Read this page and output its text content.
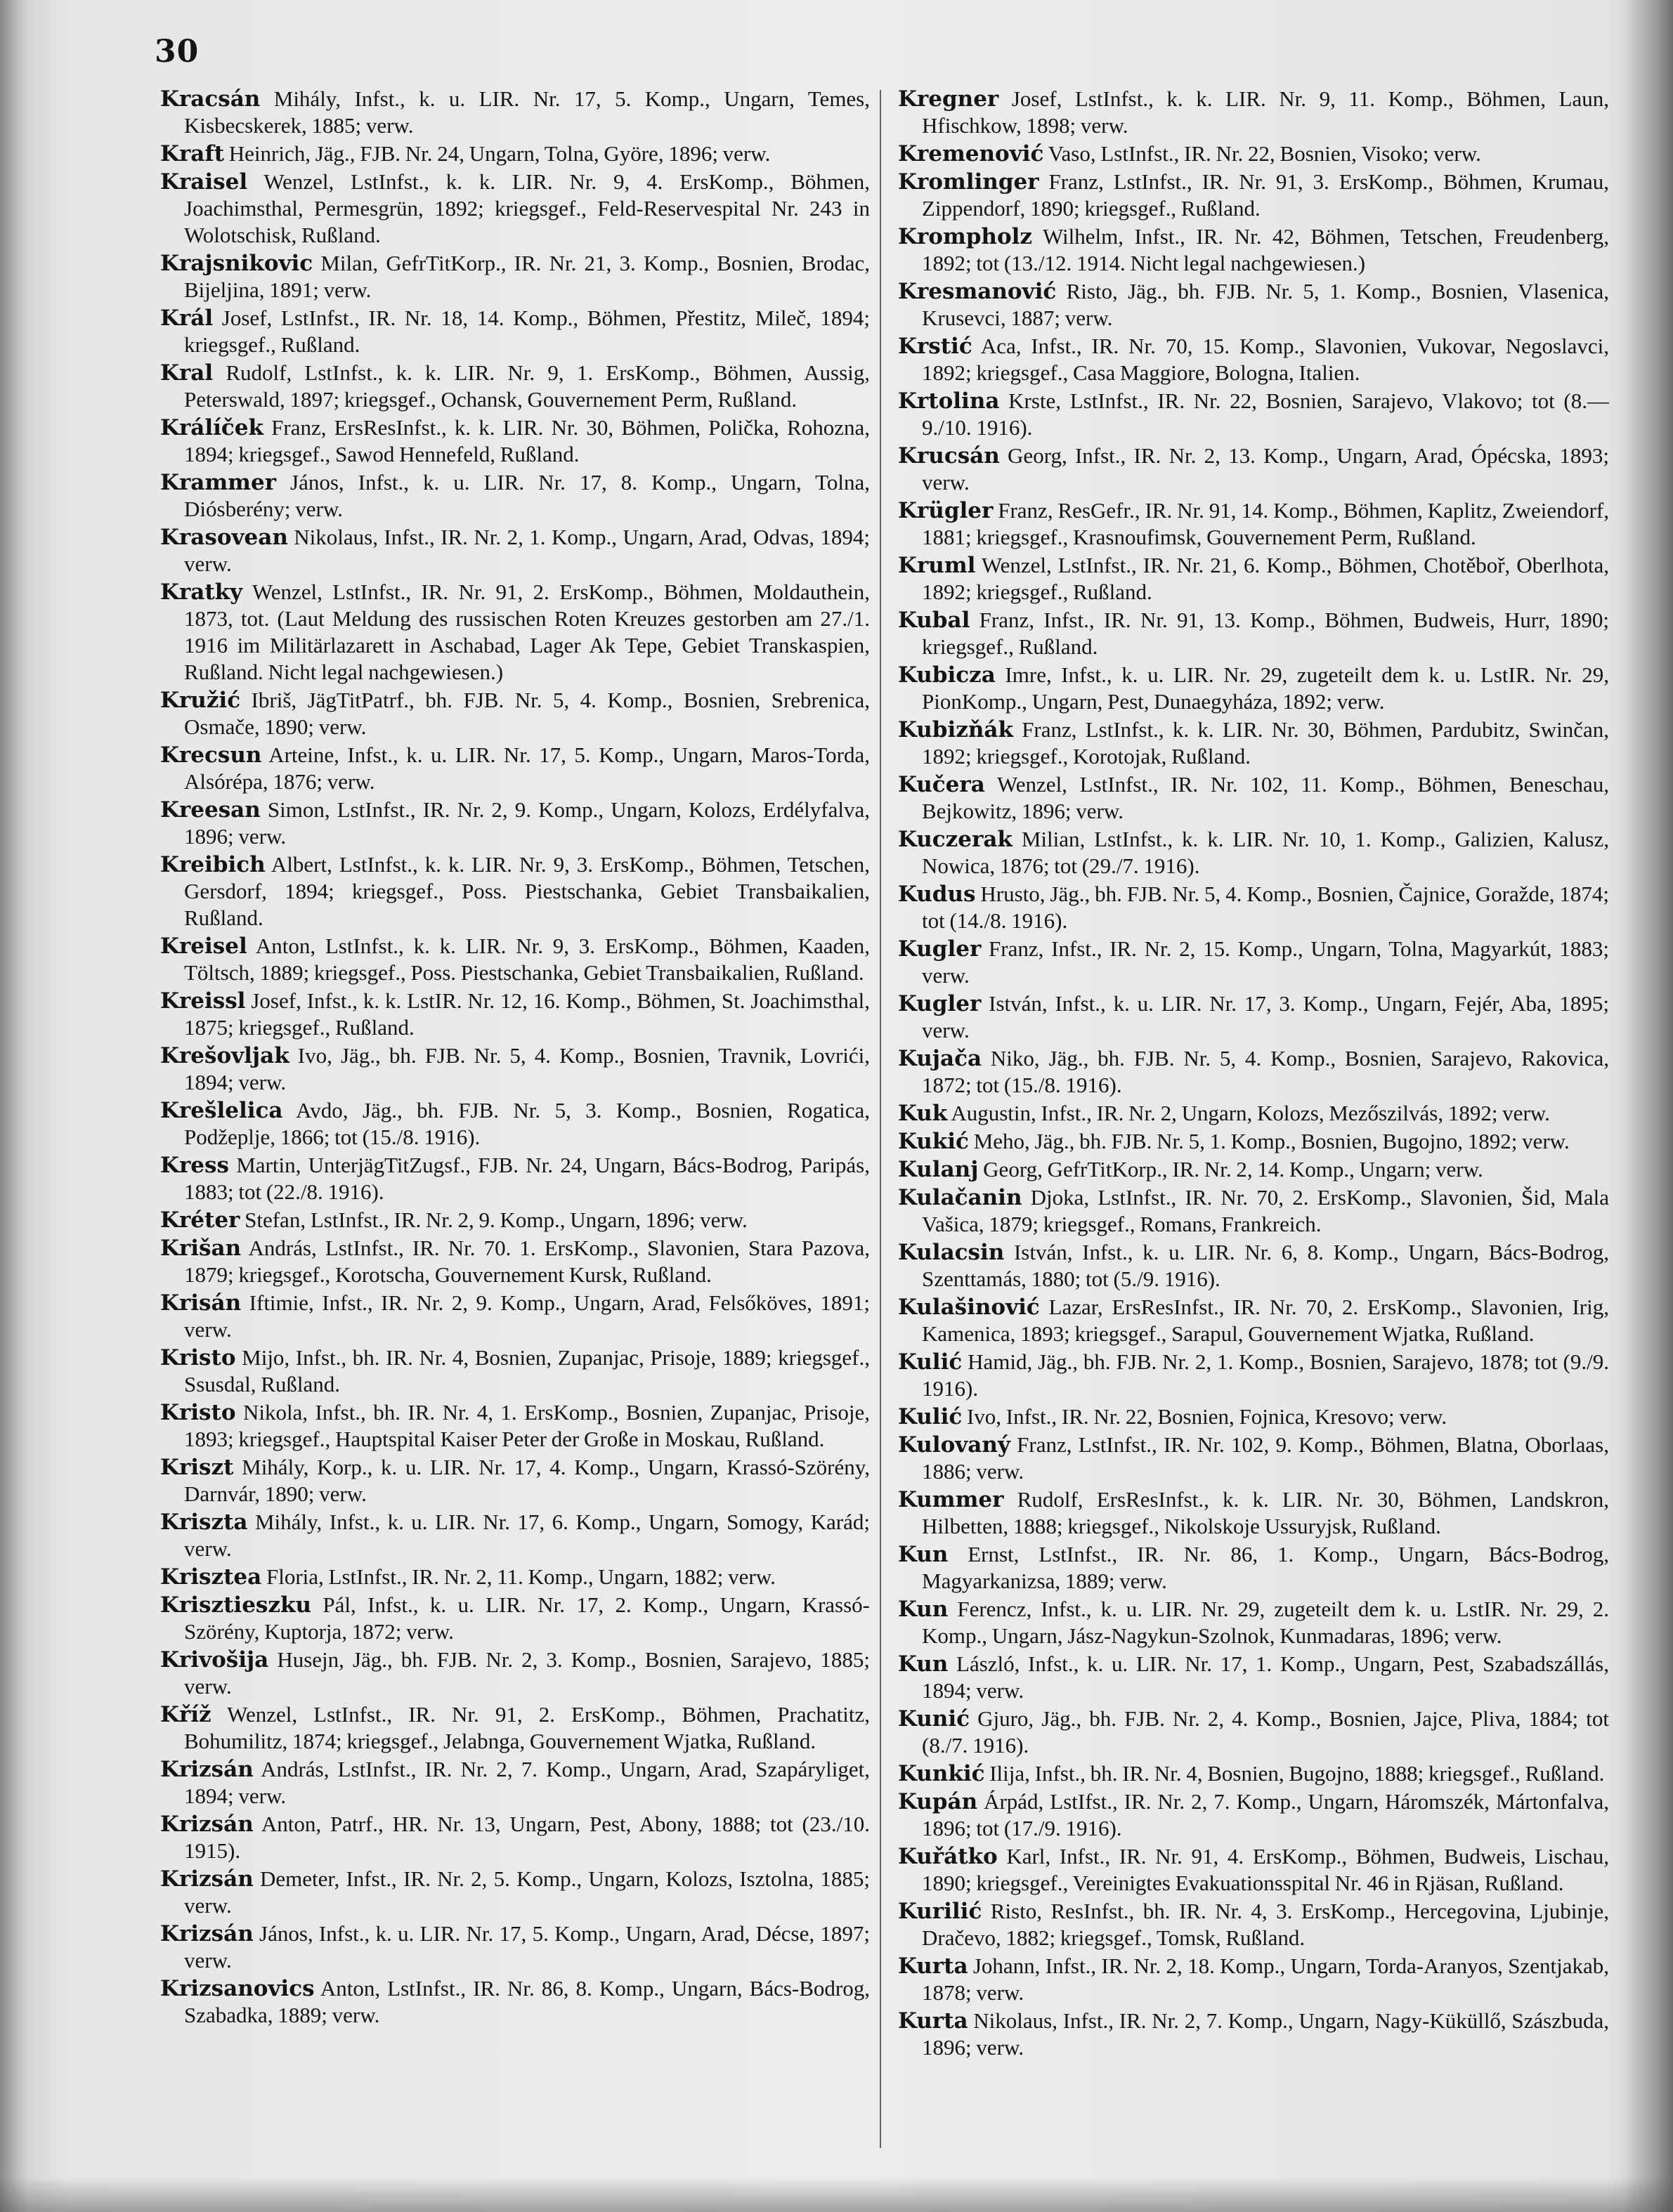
30

Kracsán Mihály, Infst., k. u. LIR. Nr. 17, 5. Komp., Ungarn, Temes, Kisbecskerek, 1885; verw.

Kraft Heinrich, Jäg., FJB. Nr. 24, Ungarn, Tolna, Györe, 1896; verw.

Kraisel Wenzel, LstInfst., k. k. LIR. Nr. 9, 4. ErsKomp., Böhmen, Joachimsthal, Permesgrün, 1892; kriegsgef., Feld-Reservespital Nr. 243 in Wolotschisk, Rußland.

Krajsnikovic Milan, GefrTitKorp., IR. Nr. 21, 3. Komp., Bosnien, Brodac, Bijeljina, 1891; verw.

Král Josef, LstInfst., IR. Nr. 18, 14. Komp., Böhmen, Přestitz, Mileč, 1894; kriegsgef., Rußland.

Kral Rudolf, LstInfst., k. k. LIR. Nr. 9, 1. ErsKomp., Böhmen, Aussig, Peterswald, 1897; kriegsgef., Ochansk, Gouvernement Perm, Rußland.

Králíček Franz, ErsResInfst., k. k. LIR. Nr. 30, Böhmen, Polička, Rohozna, 1894; kriegsgef., Sawod Hennefeld, Rußland.

Krammer János, Infst., k. u. LIR. Nr. 17, 8. Komp., Ungarn, Tolna, Diósberény; verw.

Krasovean Nikolaus, Infst., IR. Nr. 2, 1. Komp., Ungarn, Arad, Odvas, 1894; verw.

Kratky Wenzel, LstInfst., IR. Nr. 91, 2. ErsKomp., Böhmen, Moldauthein, 1873, tot. (Laut Meldung des russischen Roten Kreuzes gestorben am 27./1. 1916 im Militärlazarett in Aschabad, Lager Ak Tepe, Gebiet Transkaspien, Rußland. Nicht legal nachgewiesen.)

Kružić Ibriš, JägTitPatrf., bh. FJB. Nr. 5, 4. Komp., Bosnien, Srebrenica, Osmače, 1890; verw.

Krecsun Arteine, Infst., k. u. LIR. Nr. 17, 5. Komp., Ungarn, Maros-Torda, Alsórépa, 1876; verw.

Kreesan Simon, LstInfst., IR. Nr. 2, 9. Komp., Ungarn, Kolozs, Erdélyfalva, 1896; verw.

Kreibich Albert, LstInfst., k. k. LIR. Nr. 9, 3. ErsKomp., Böhmen, Tetschen, Gersdorf, 1894; kriegsgef., Poss. Piestschanka, Gebiet Transbaikalien, Rußland.

Kreisel Anton, LstInfst., k. k. LIR. Nr. 9, 3. ErsKomp., Böhmen, Kaaden, Töltsch, 1889; kriegsgef., Poss. Piestschanka, Gebiet Transbaikalien, Rußland.

Kreissl Josef, Infst., k. k. LstIR. Nr. 12, 16. Komp., Böhmen, St. Joachimsthal, 1875; kriegsgef., Rußland.

Krešovljak Ivo, Jäg., bh. FJB. Nr. 5, 4. Komp., Bosnien, Travnik, Lovrići, 1894; verw.

Krešlelica Avdo, Jäg., bh. FJB. Nr. 5, 3. Komp., Bosnien, Rogatica, Podžeplje, 1866; tot (15./8. 1916).

Kress Martin, UnterjägTitZugsf., FJB. Nr. 24, Ungarn, Bács-Bodrog, Paripás, 1883; tot (22./8. 1916).

Kréter Stefan, LstInfst., IR. Nr. 2, 9. Komp., Ungarn, 1896; verw.

Krišan András, LstInfst., IR. Nr. 70. 1. ErsKomp., Slavonien, Stara Pazova, 1879; kriegsgef., Korotscha, Gouvernement Kursk, Rußland.

Krisán Iftimie, Infst., IR. Nr. 2, 9. Komp., Ungarn, Arad, Felsőköves, 1891; verw.

Kristo Mijo, Infst., bh. IR. Nr. 4, Bosnien, Zupanjac, Prisoje, 1889; kriegsgef., Ssusdal, Rußland.

Kristo Nikola, Infst., bh. IR. Nr. 4, 1. ErsKomp., Bosnien, Zupanjac, Prisoje, 1893; kriegsgef., Hauptspital Kaiser Peter der Große in Moskau, Rußland.

Kriszt Mihály, Korp., k. u. LIR. Nr. 17, 4. Komp., Ungarn, Krassó-Szörény, Darnvár, 1890; verw.

Kriszta Mihály, Infst., k. u. LIR. Nr. 17, 6. Komp., Ungarn, Somogy, Karád; verw.

Krisztea Floria, LstInfst., IR. Nr. 2, 11. Komp., Ungarn, 1882; verw.

Krisztieszku Pál, Infst., k. u. LIR. Nr. 17, 2. Komp., Ungarn, Krassó-Szörény, Kuptorja, 1872; verw.

Krivošija Husejn, Jäg., bh. FJB. Nr. 2, 3. Komp., Bosnien, Sarajevo, 1885; verw.

Kříž Wenzel, LstInfst., IR. Nr. 91, 2. ErsKomp., Böhmen, Prachatitz, Bohumilitz, 1874; kriegsgef., Jelabnga, Gouvernement Wjatka, Rußland.

Krizsán András, LstInfst., IR. Nr. 2, 7. Komp., Ungarn, Arad, Szapáryliget, 1894; verw.

Krizsán Anton, Patrf., HR. Nr. 13, Ungarn, Pest, Abony, 1888; tot (23./10. 1915).

Krizsán Demeter, Infst., IR. Nr. 2, 5. Komp., Ungarn, Kolozs, Isztolna, 1885; verw.

Krizsán János, Infst., k. u. LIR. Nr. 17, 5. Komp., Ungarn, Arad, Décse, 1897; verw.

Krizsanovics Anton, LstInfst., IR. Nr. 86, 8. Komp., Ungarn, Bács-Bodrog, Szabadka, 1889; verw.

Kregner Josef, LstInfst., k. k. LIR. Nr. 9, 11. Komp., Böhmen, Laun, Hfischkow, 1898; verw.

Kremenović Vaso, LstInfst., IR. Nr. 22, Bosnien, Visoko; verw.

Kromlinger Franz, LstInfst., IR. Nr. 91, 3. ErsKomp., Böhmen, Krumau, Zippendorf, 1890; kriegsgef., Rußland.

Krompholz Wilhelm, Infst., IR. Nr. 42, Böhmen, Tetschen, Freudenberg, 1892; tot (13./12. 1914. Nicht legal nachgewiesen.)

Kresmanović Risto, Jäg., bh. FJB. Nr. 5, 1. Komp., Bosnien, Vlasenica, Krusevci, 1887; verw.

Krstić Aca, Infst., IR. Nr. 70, 15. Komp., Slavonien, Vukovar, Negoslavci, 1892; kriegsgef., Casa Maggiore, Bologna, Italien.

Krtolina Krste, LstInfst., IR. Nr. 22, Bosnien, Sarajevo, Vlakovo; tot (8.—9./10. 1916).

Krucsán Georg, Infst., IR. Nr. 2, 13. Komp., Ungarn, Arad, Ópécska, 1893; verw.

Krügler Franz, ResGefr., IR. Nr. 91, 14. Komp., Böhmen, Kaplitz, Zweiendorf, 1881; kriegsgef., Krasnoufimsk, Gouvernement Perm, Rußland.

Kruml Wenzel, LstInfst., IR. Nr. 21, 6. Komp., Böhmen, Chotěboř, Oberlhota, 1892; kriegsgef., Rußland.

Kubal Franz, Infst., IR. Nr. 91, 13. Komp., Böhmen, Budweis, Hurr, 1890; kriegsgef., Rußland.

Kubicza Imre, Infst., k. u. LIR. Nr. 29, zugeteilt dem k. u. LstIR. Nr. 29, PionKomp., Ungarn, Pest, Dunaegyháza, 1892; verw.

Kubizňák Franz, LstInfst., k. k. LIR. Nr. 30, Böhmen, Pardubitz, Swinčan, 1892; kriegsgef., Korotojak, Rußland.

Kučera Wenzel, LstInfst., IR. Nr. 102, 11. Komp., Böhmen, Beneschau, Bejkowitz, 1896; verw.

Kuczerak Milian, LstInfst., k. k. LIR. Nr. 10, 1. Komp., Galizien, Kalusz, Nowica, 1876; tot (29./7. 1916).

Kudus Hrusto, Jäg., bh. FJB. Nr. 5, 4. Komp., Bosnien, Čajnice, Goražde, 1874; tot (14./8. 1916).

Kugler Franz, Infst., IR. Nr. 2, 15. Komp., Ungarn, Tolna, Magyarkút, 1883; verw.

Kugler István, Infst., k. u. LIR. Nr. 17, 3. Komp., Ungarn, Fejér, Aba, 1895; verw.

Kujača Niko, Jäg., bh. FJB. Nr. 5, 4. Komp., Bosnien, Sarajevo, Rakovica, 1872; tot (15./8. 1916).

Kuk Augustin, Infst., IR. Nr. 2, Ungarn, Kolozs, Mezőszilvás, 1892; verw.

Kukić Meho, Jäg., bh. FJB. Nr. 5, 1. Komp., Bosnien, Bugojno, 1892; verw.

Kulanj Georg, GefrTitKorp., IR. Nr. 2, 14. Komp., Ungarn; verw.

Kulačanin Djoka, LstInfst., IR. Nr. 70, 2. ErsKomp., Slavonien, Šid, Mala Vašica, 1879; kriegsgef., Romans, Frankreich.

Kulacsin István, Infst., k. u. LIR. Nr. 6, 8. Komp., Ungarn, Bács-Bodrog, Szenttamás, 1880; tot (5./9. 1916).

Kulašinović Lazar, ErsResInfst., IR. Nr. 70, 2. ErsKomp., Slavonien, Irig, Kamenica, 1893; kriegsgef., Sarapul, Gouvernement Wjatka, Rußland.

Kulić Hamid, Jäg., bh. FJB. Nr. 2, 1. Komp., Bosnien, Sarajevo, 1878; tot (9./9. 1916).

Kulić Ivo, Infst., IR. Nr. 22, Bosnien, Fojnica, Kresovo; verw.

Kulovaný Franz, LstInfst., IR. Nr. 102, 9. Komp., Böhmen, Blatna, Oborlaas, 1886; verw.

Kummer Rudolf, ErsResInfst., k. k. LIR. Nr. 30, Böhmen, Landskron, Hilbetten, 1888; kriegsgef., Nikolskoje Ussuryjsk, Rußland.

Kun Ernst, LstInfst., IR. Nr. 86, 1. Komp., Ungarn, Bács-Bodrog, Magyarkanizsa, 1889; verw.

Kun Ferencz, Infst., k. u. LIR. Nr. 29, zugeteilt dem k. u. LstIR. Nr. 29, 2. Komp., Ungarn, Jász-Nagykun-Szolnok, Kunmadaras, 1896; verw.

Kun László, Infst., k. u. LIR. Nr. 17, 1. Komp., Ungarn, Pest, Szabadszállás, 1894; verw.

Kunić Gjuro, Jäg., bh. FJB. Nr. 2, 4. Komp., Bosnien, Jajce, Pliva, 1884; tot (8./7. 1916).

Kunkić Ilija, Infst., bh. IR. Nr. 4, Bosnien, Bugojno, 1888; kriegsgef., Rußland.

Kupán Árpád, LstIfst., IR. Nr. 2, 7. Komp., Ungarn, Háromszék, Mártonfalva, 1896; tot (17./9. 1916).

Kuřátko Karl, Infst., IR. Nr. 91, 4. ErsKomp., Böhmen, Budweis, Lischau, 1890; kriegsgef., Vereinigtes Evakuationsspital Nr. 46 in Rjäsan, Rußland.

Kurilić Risto, ResInfst., bh. IR. Nr. 4, 3. ErsKomp., Hercegovina, Ljubinje, Dračevo, 1882; kriegsgef., Tomsk, Rußland.

Kurta Johann, Infst., IR. Nr. 2, 18. Komp., Ungarn, Torda-Aranyos, Szentjakab, 1878; verw.

Kurta Nikolaus, Infst., IR. Nr. 2, 7. Komp., Ungarn, Nagy-Küküllő, Szászbuda, 1896; verw.
